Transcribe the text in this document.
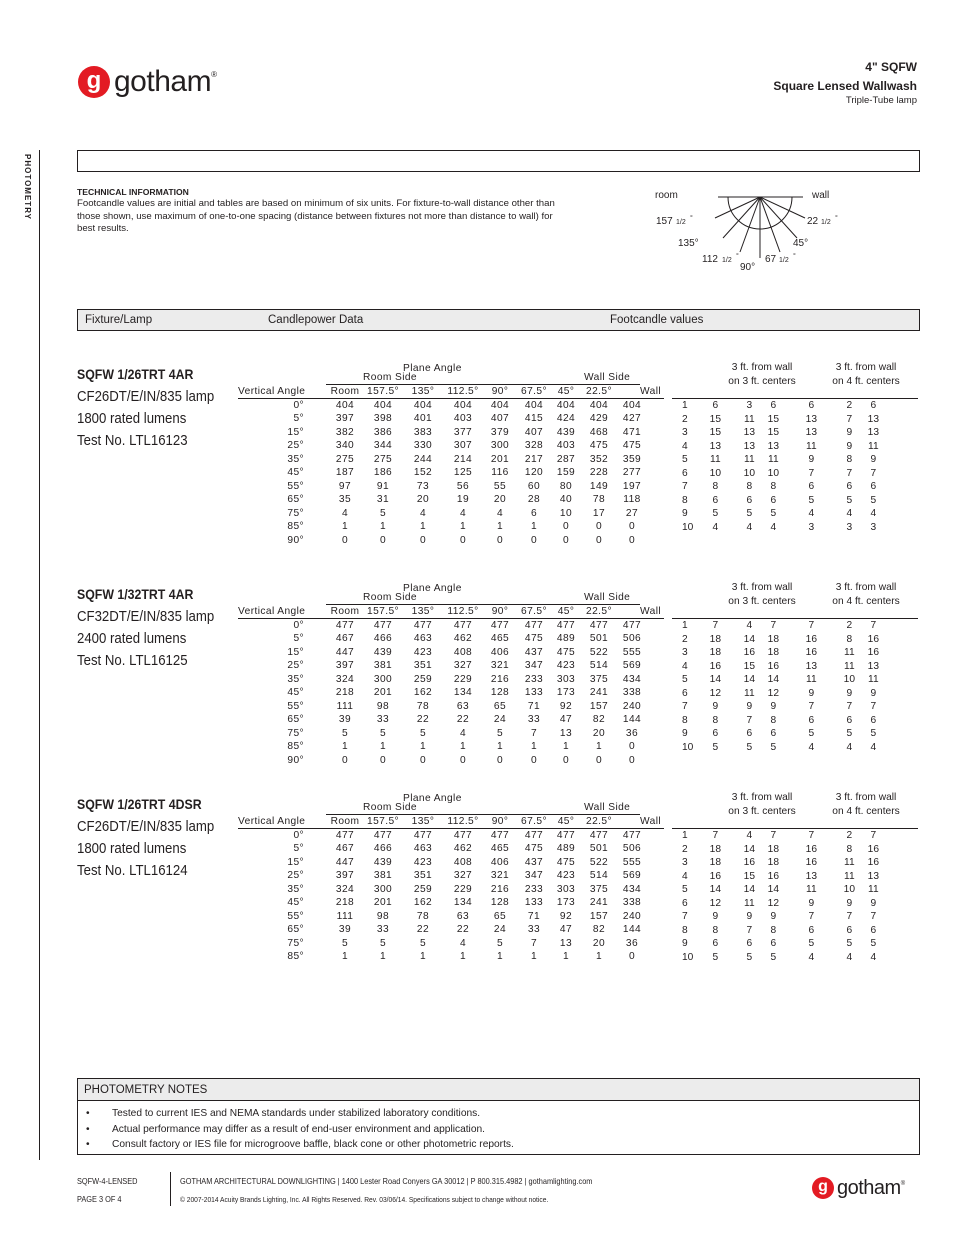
g gotham ®
4" SQFW
Square Lensed Wallwash
Triple-Tube lamp
PHOTOMETRY	TECHNICAL INFORMATION
Footcandle values are initial and tables are based on minimum of six units. For fixture-to-wall distance other than those shown, use maximum of one-to-one spacing (distance between fixtures not more than distance to wall) for best results.
room	wall
157 1/2
°
135°
112 1/2
°
90°
67 1/2
°
45°
22 1/2
°
Fixture/Lamp	Candlepower Data	Footcandle values
SQFW 1/26TRT 4AR
CF26DT/E/IN/835 lamp
1800 rated lumens
Test No. LTL16123
Plane Angle
Room Side	Wall Side
Vertical Angle	Wall
	Room	157.5°	135°	112.5°	90°	67.5°	45°	22.5°	
0°	404	404	404	404	404	404	404	404	404
5°	397	398	401	403	407	415	424	429	427
15°	382	386	383	377	379	407	439	468	471
25°	340	344	330	307	300	328	403	475	475
35°	275	275	244	214	201	217	287	352	359
45°	187	186	152	125	116	120	159	228	277
55°	97	91	73	56	55	60	80	149	197
65°	35	31	20	19	20	28	40	78	118
75°	4	5	4	4	4	6	10	17	27
85°	1	1	1	1	1	1	0	0	0
90°	0	0	0	0	0	0	0	0	0
3 ft. from wall
on 3 ft. centers
3 ft. from wall
on 4 ft. centers
1	6	3	6	6	2	6
2	15	11	15	13	7	13
3	15	13	15	13	9	13
4	13	13	13	11	9	11
5	11	11	11	9	8	9
6	10	10	10	7	7	7
7	8	8	8	6	6	6
8	6	6	6	5	5	5
9	5	5	5	4	4	4
10	4	4	4	3	3	3
SQFW 1/32TRT 4AR
CF32DT/E/IN/835 lamp
2400 rated lumens
Test No. LTL16125
Plane Angle
Room Side	Wall Side
Vertical Angle	Wall
	Room	157.5°	135°	112.5°	90°	67.5°	45°	22.5°	
0°	477	477	477	477	477	477	477	477	477
5°	467	466	463	462	465	475	489	501	506
15°	447	439	423	408	406	437	475	522	555
25°	397	381	351	327	321	347	423	514	569
35°	324	300	259	229	216	233	303	375	434
45°	218	201	162	134	128	133	173	241	338
55°	111	98	78	63	65	71	92	157	240
65°	39	33	22	22	24	33	47	82	144
75°	5	5	5	4	5	7	13	20	36
85°	1	1	1	1	1	1	1	1	0
90°	0	0	0	0	0	0	0	0	0
3 ft. from wall
on 3 ft. centers
3 ft. from wall
on 4 ft. centers
1	7	4	7	7	2	7
2	18	14	18	16	8	16
3	18	16	18	16	11	16
4	16	15	16	13	11	13
5	14	14	14	11	10	11
6	12	11	12	9	9	9
7	9	9	9	7	7	7
8	8	7	8	6	6	6
9	6	6	6	5	5	5
10	5	5	5	4	4	4
SQFW 1/26TRT 4DSR
CF26DT/E/IN/835 lamp
1800 rated lumens
Test No. LTL16124
Plane Angle
Room Side	Wall Side
Vertical Angle	Wall
	Room	157.5°	135°	112.5°	90°	67.5°	45°	22.5°	
0°	477	477	477	477	477	477	477	477	477
5°	467	466	463	462	465	475	489	501	506
15°	447	439	423	408	406	437	475	522	555
25°	397	381	351	327	321	347	423	514	569
35°	324	300	259	229	216	233	303	375	434
45°	218	201	162	134	128	133	173	241	338
55°	111	98	78	63	65	71	92	157	240
65°	39	33	22	22	24	33	47	82	144
75°	5	5	5	4	5	7	13	20	36
85°	1	1	1	1	1	1	1	1	0
3 ft. from wall
on 3 ft. centers
3 ft. from wall
on 4 ft. centers
1	7	4	7	7	2	7
2	18	14	18	16	8	16
3	18	16	18	16	11	16
4	16	15	16	13	11	13
5	14	14	14	11	10	11
6	12	11	12	9	9	9
7	9	9	9	7	7	7
8	8	7	8	6	6	6
9	6	6	6	5	5	5
10	5	5	5	4	4	4
PHOTOMETRY NOTES
• Tested to current IES and NEMA standards under stabilized laboratory conditions.
• Actual performance may differ as a result of end-user environment and application.
• Consult factory or IES file for microgroove baffle, black cone or other photometric reports.
SQFW-4-LENSED
PAGE 3 OF 4
GOTHAM ARCHITECTURAL DOWNLIGHTING | 1400 Lester Road Conyers GA 30012 | P 800.315.4982 | gothamlighting.com
© 2007-2014 Acuity Brands Lighting, Inc. All Rights Reserved. Rev. 03/06/14. Specifications subject to change without notice.
g gotham ®
